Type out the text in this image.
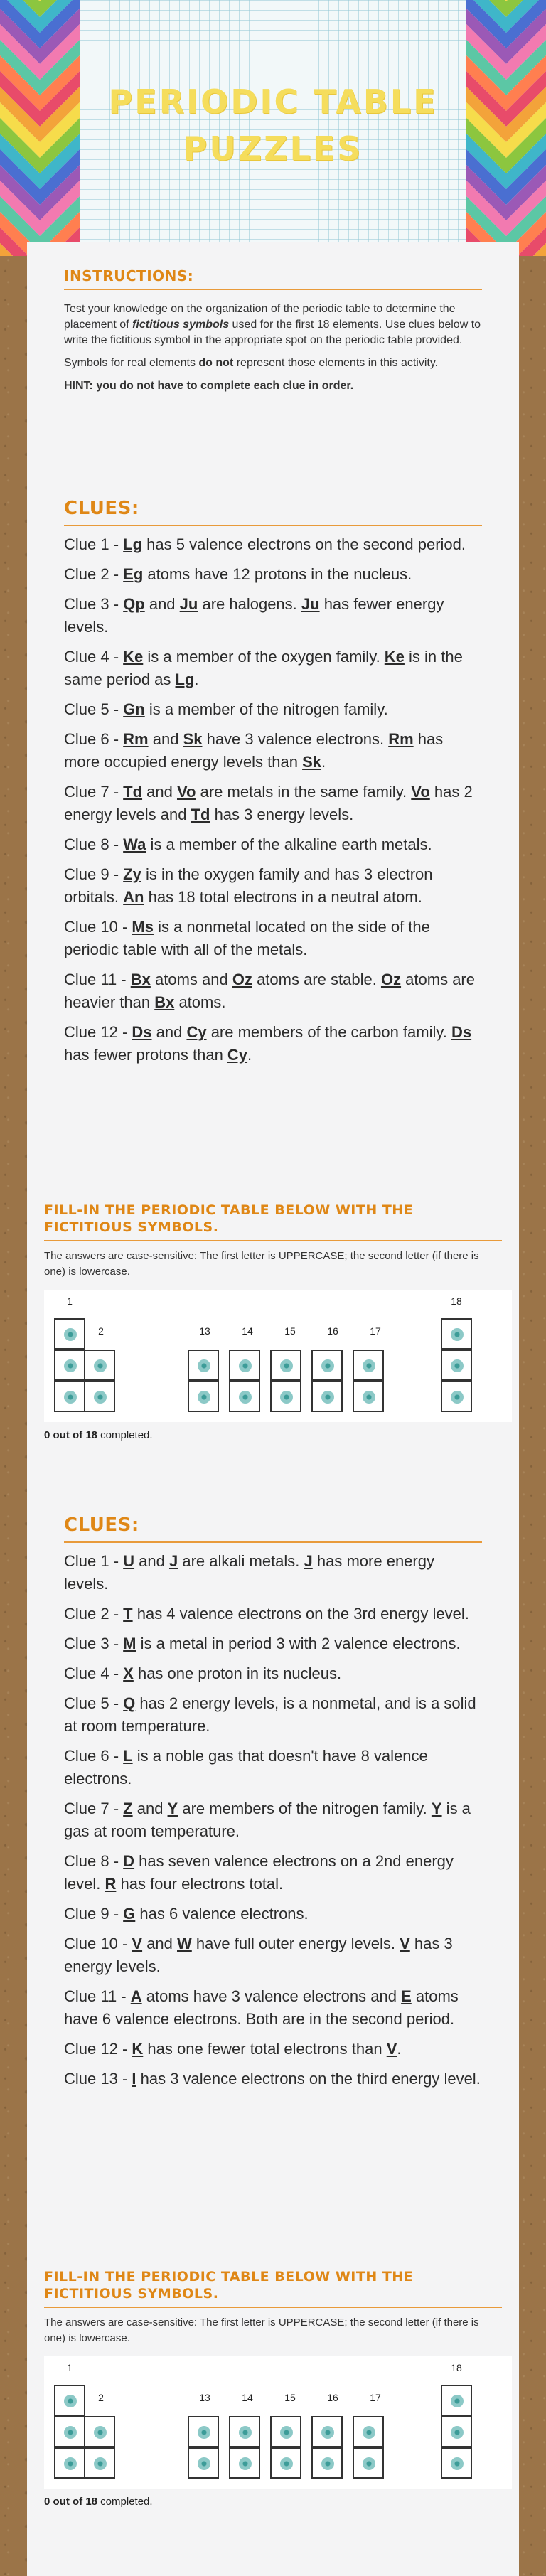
PERIODIC TABLE PUZZLES
INSTRUCTIONS:

Test your knowledge on the organization of the periodic table to determine the placement of fictitious symbols used for the first 18 elements. Use clues below to write the fictitious symbol in the appropriate spot on the periodic table provided.

Symbols for real elements do not represent those elements in this activity.

HINT: you do not have to complete each clue in order.

CLUES:
Clue 1 - Lg has 5 valence electrons on the second period.
Clue 2 - Eg atoms have 12 protons in the nucleus.
Clue 3 - Qp and Ju are halogens. Ju has fewer energy levels.
Clue 4 - Ke is a member of the oxygen family. Ke is in the same period as Lg.
Clue 5 - Gn is a member of the nitrogen family.
Clue 6 - Rm and Sk have 3 valence electrons. Rm has more occupied energy levels than Sk.
Clue 7 - Td and Vo are metals in the same family. Vo has 2 energy levels and Td has 3 energy levels.
Clue 8 - Wa is a member of the alkaline earth metals.
Clue 9 - Zy is in the oxygen family and has 3 electron orbitals. An has 18 total electrons in a neutral atom.
Clue 10 - Ms is a nonmetal located on the side of the periodic table with all of the metals.
Clue 11 - Bx atoms and Oz atoms are stable. Oz atoms are heavier than Bx atoms.
Clue 12 - Ds and Cy are members of the carbon family. Ds has fewer protons than Cy.
FILL-IN THE PERIODIC TABLE BELOW WITH THE FICTITIOUS SYMBOLS.
The answers are case-sensitive: The first letter is UPPERCASE; the second letter (if there is one) is lowercase.
1
2	13	14	15	16	17
18
0 out of 18 completed.
CLUES:
Clue 1 - U and J are alkali metals. J has more energy levels.
Clue 2 - T has 4 valence electrons on the 3rd energy level.
Clue 3 - M is a metal in period 3 with 2 valence electrons.
Clue 4 - X has one proton in its nucleus.
Clue 5 - Q has 2 energy levels, is a nonmetal, and is a solid at room temperature.
Clue 6 - L is a noble gas that doesn't have 8 valence electrons.
Clue 7 - Z and Y are members of the nitrogen family. Y is a gas at room temperature.
Clue 8 - D has seven valence electrons on a 2nd energy level. R has four electrons total.
Clue 9 - G has 6 valence electrons.
Clue 10 - V and W have full outer energy levels. V has 3 energy levels.
Clue 11 - A atoms have 3 valence electrons and E atoms have 6 valence electrons. Both are in the second period.
Clue 12 - K has one fewer total electrons than V.
Clue 13 - I has 3 valence electrons on the third energy level.
FILL-IN THE PERIODIC TABLE BELOW WITH THE FICTITIOUS SYMBOLS.
The answers are case-sensitive: The first letter is UPPERCASE; the second letter (if there is one) is lowercase.
1
2	13	14	15	16	17
18
0 out of 18 completed.
